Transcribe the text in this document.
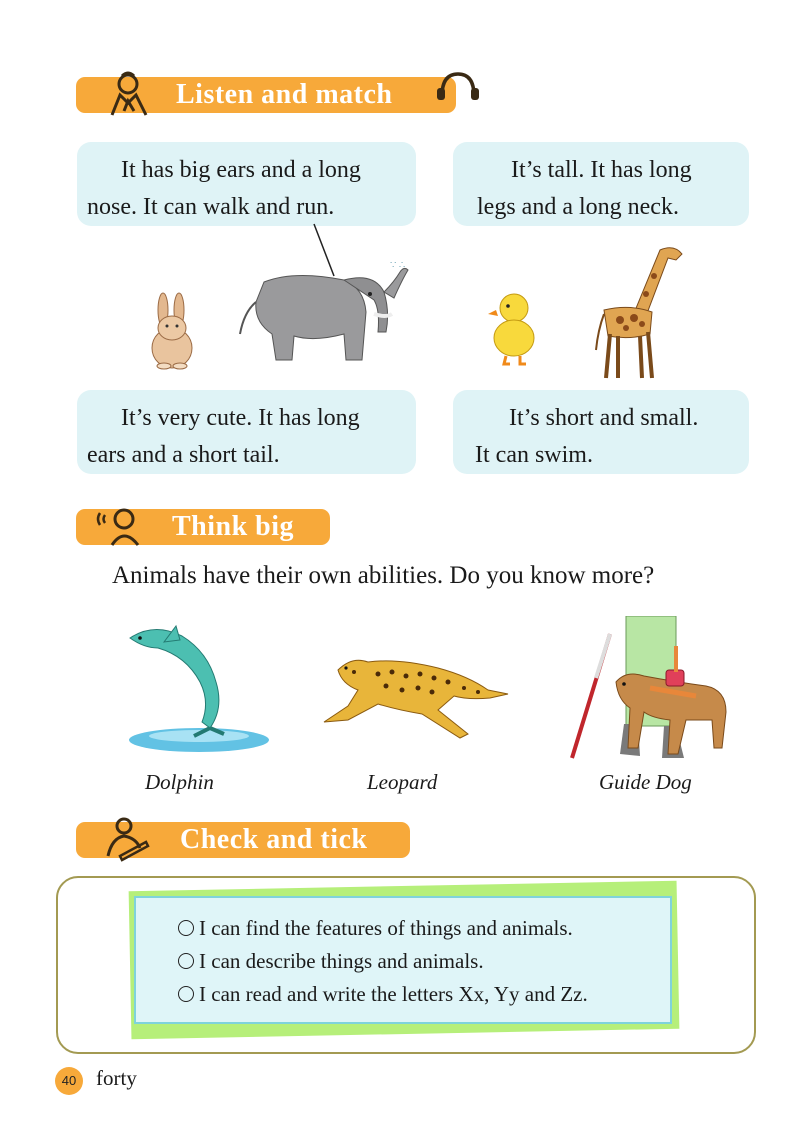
Listen and match
It has big ears and a long
nose. It can walk and run.
It’s tall. It has long
legs and a long neck.
∵ ∴
It’s very cute. It has long
ears and a short tail.
It’s short and small.
It can swim.
Think big
Animals have their own abilities. Do you know more?
Dolphin	Leopard	Guide Dog
Check and tick
I can find the features of things and animals.
I can describe things and animals.
I can read and write the letters Xx, Yy and Zz.
40 forty
